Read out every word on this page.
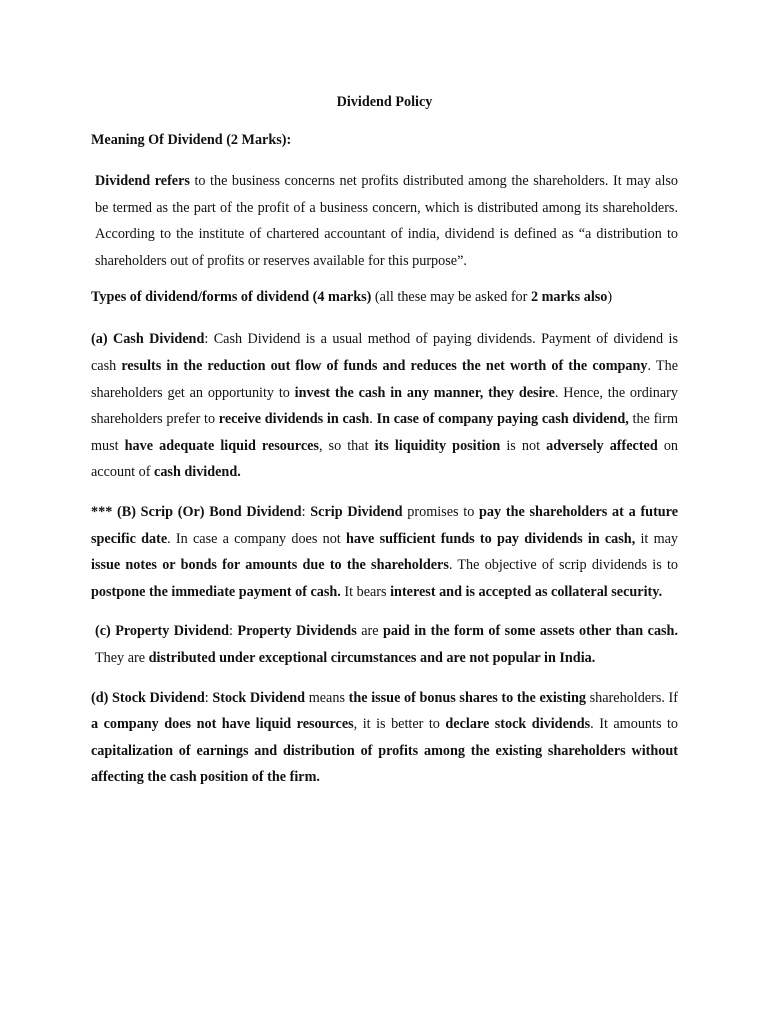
Dividend Policy
Meaning Of Dividend (2 Marks):

Dividend refers to the business concerns net profits distributed among the shareholders. It may also be termed as the part of the profit of a business concern, which is distributed among its shareholders. According to the institute of chartered accountant of india, dividend is defined as “a distribution to shareholders out of profits or reserves available for this purpose”.

Types of dividend/forms of dividend (4 marks) (all these may be asked for 2 marks also)

(a) Cash Dividend: Cash Dividend is a usual method of paying dividends. Payment of dividend is cash results in the reduction out flow of funds and reduces the net worth of the company. The shareholders get an opportunity to invest the cash in any manner, they desire. Hence, the ordinary shareholders prefer to receive dividends in cash. In case of company paying cash dividend, the firm must have adequate liquid resources, so that its liquidity position is not adversely affected on account of cash dividend.

*** (B) Scrip (Or) Bond Dividend: Scrip Dividend promises to pay the shareholders at a future specific date. In case a company does not have sufficient funds to pay dividends in cash, it may issue notes or bonds for amounts due to the shareholders. The objective of scrip dividends is to postpone the immediate payment of cash. It bears interest and is accepted as collateral security.

(c) Property Dividend: Property Dividends are paid in the form of some assets other than cash. They are distributed under exceptional circumstances and are not popular in India.

(d) Stock Dividend: Stock Dividend means the issue of bonus shares to the existing shareholders. If a company does not have liquid resources, it is better to declare stock dividends. It amounts to capitalization of earnings and distribution of profits among the existing shareholders without affecting the cash position of the firm.
